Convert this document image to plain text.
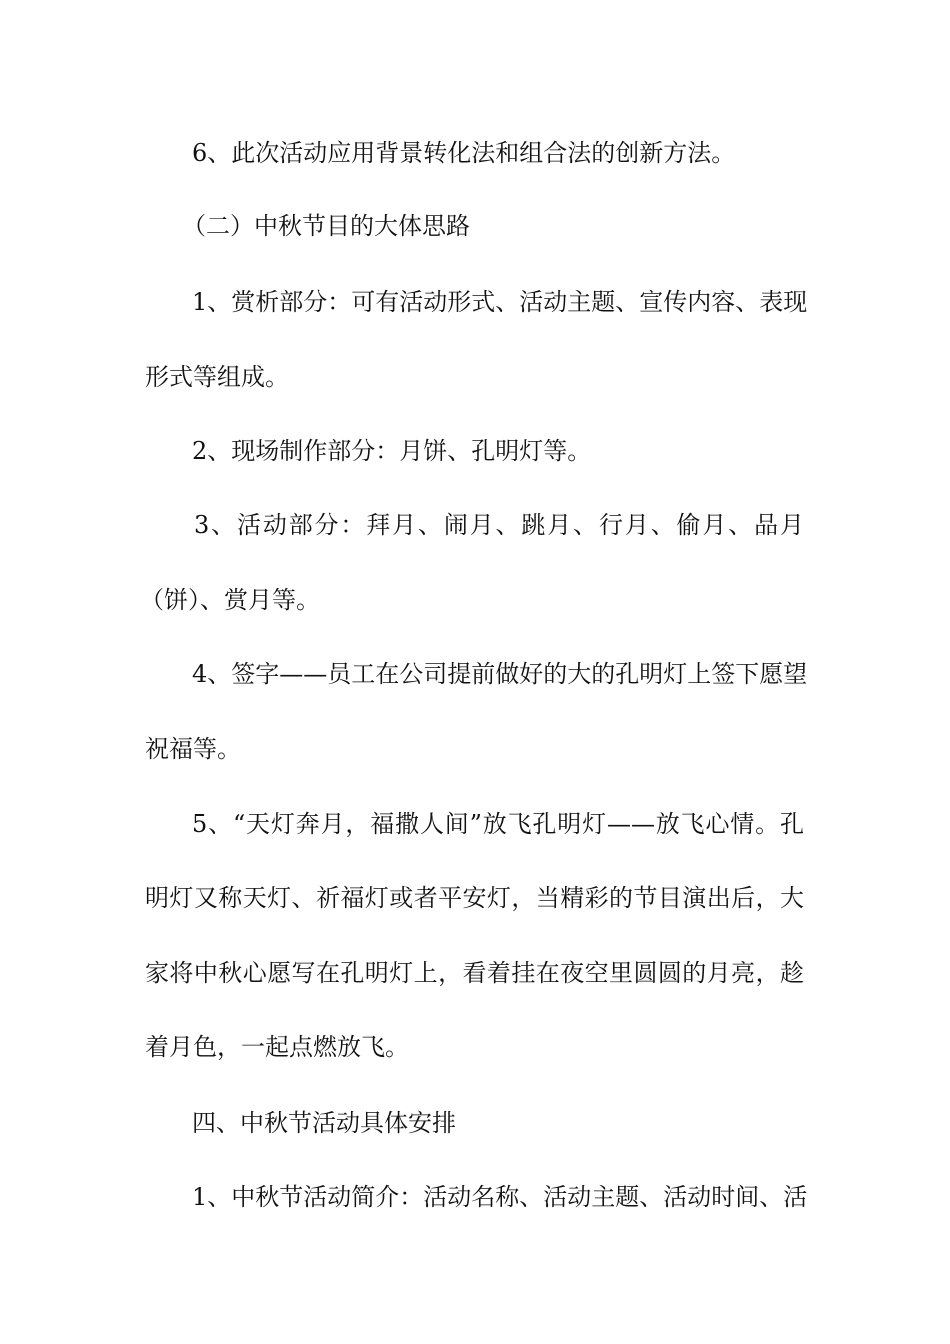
6、此次活动应用背景转化法和组合法的创新方法。
（二）中秋节目的大体思路
1、赏析部分：可有活动形式、活动主题、宣传内容、表现
形式等组成。
2、现场制作部分：月饼、孔明灯等。
3、活动部分：拜月、闹月、跳月、行月、偷月、品月
（饼）、赏月等。
4、签字——员工在公司提前做好的大的孔明灯上签下愿望
祝福等。
5、“天灯奔月，福撒人间”放飞孔明灯——放飞心情。孔
明灯又称天灯、祈福灯或者平安灯，当精彩的节目演出后，大
家将中秋心愿写在孔明灯上，看着挂在夜空里圆圆的月亮，趁
着月色，一起点燃放飞。
四、中秋节活动具体安排
1、中秋节活动简介：活动名称、活动主题、活动时间、活
